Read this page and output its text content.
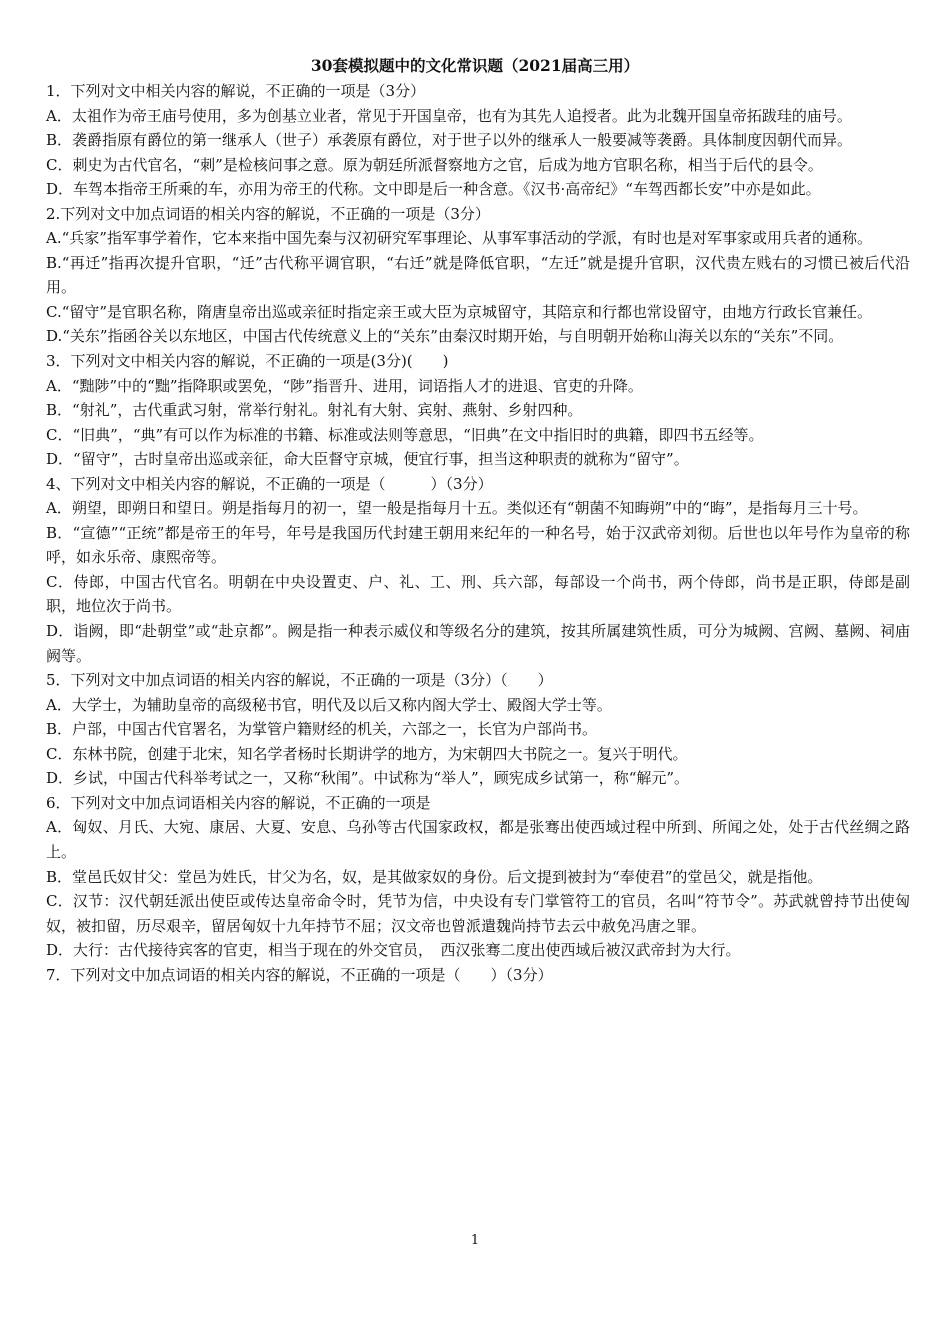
30套模拟题中的文化常识题（2021届高三用）

1．下列对文中相关内容的解说，不正确的一项是（3分）

A．太祖作为帝王庙号使用，多为创基立业者，常见于开国皇帝，也有为其先人追授者。此为北魏开国皇帝拓跋珪的庙号。

B．袭爵指原有爵位的第一继承人（世子）承袭原有爵位，对于世子以外的继承人一般要减等袭爵。具体制度因朝代而异。

C．刺史为古代官名，“刺”是检核问事之意。原为朝廷所派督察地方之官，后成为地方官职名称，相当于后代的县令。

D．车驾本指帝王所乘的车，亦用为帝王的代称。文中即是后一种含意。《汉书·高帝纪》“车驾西都长安”中亦是如此。

2.下列对文中加点词语的相关内容的解说，不正确的一项是（3分）

A.“兵家”指军事学着作，它本来指中国先秦与汉初研究军事理论、从事军事活动的学派，有时也是对军事家或用兵者的通称。

B.“再迁”指再次提升官职，“迁”古代称平调官职，“右迁”就是降低官职，“左迁”就是提升官职，汉代贵左贱右的习惯已被后代沿用。

C.“留守”是官职名称，隋唐皇帝出巡或亲征时指定亲王或大臣为京城留守，其陪京和行都也常设留守，由地方行政长官兼任。

D.“关东”指函谷关以东地区，中国古代传统意义上的“关东”由秦汉时期开始，与自明朝开始称山海关以东的“关东”不同。

3．下列对文中相关内容的解说，不正确的一项是(3分)(　　)

A．“黜陟”中的“黜”指降职或罢免，“陟”指晋升、进用，词语指人才的进退、官吏的升降。

B．“射礼”，古代重武习射，常举行射礼。射礼有大射、宾射、燕射、乡射四种。

C．“旧典”，“典”有可以作为标准的书籍、标准或法则等意思，“旧典”在文中指旧时的典籍，即四书五经等。

D．“留守”，古时皇帝出巡或亲征，命大臣督守京城，便宜行事，担当这种职责的就称为“留守”。

4、下列对文中相关内容的解说，不正确的一项是（　　　）（3分）

A．朔望，即朔日和望日。朔是指每月的初一，望一般是指每月十五。类似还有“朝菌不知晦朔”中的“晦”，是指每月三十号。

B．“宣德”“正统”都是帝王的年号，年号是我国历代封建王朝用来纪年的一种名号，始于汉武帝刘彻。后世也以年号作为皇帝的称呼，如永乐帝、康熙帝等。

C．侍郎，中国古代官名。明朝在中央设置吏、户、礼、工、刑、兵六部，每部设一个尚书，两个侍郎，尚书是正职，侍郎是副职，地位次于尚书。

D．诣阙，即“赴朝堂”或“赴京都”。阙是指一种表示威仪和等级名分的建筑，按其所属建筑性质，可分为城阙、宫阙、墓阙、祠庙阙等。

5．下列对文中加点词语的相关内容的解说，不正确的一项是（3分）（　　）

A．大学士，为辅助皇帝的高级秘书官，明代及以后又称内阁大学士、殿阁大学士等。

B．户部，中国古代官署名，为掌管户籍财经的机关，六部之一，长官为户部尚书。

C．东林书院，创建于北宋，知名学者杨时长期讲学的地方，为宋朝四大书院之一。复兴于明代。

D．乡试，中国古代科举考试之一，又称“秋闱”。中试称为“举人”，顾宪成乡试第一，称“解元”。

6．下列对文中加点词语相关内容的解说，不正确的一项是

A．匈奴、月氏、大宛、康居、大夏、安息、乌孙等古代国家政权，都是张骞出使西域过程中所到、所闻之处，处于古代丝绸之路上。

B．堂邑氏奴甘父：堂邑为姓氏，甘父为名，奴，是其做家奴的身份。后文提到被封为“奉使君”的堂邑父，就是指他。

C．汉节：汉代朝廷派出使臣或传达皇帝命令时，凭节为信，中央设有专门掌管符工的官员，名叫“符节令”。苏武就曾持节出使匈奴，被扣留，历尽艰辛，留居匈奴十九年持节不屈；汉文帝也曾派遣魏尚持节去云中赦免冯唐之罪。

D．大行：古代接待宾客的官吏，相当于现在的外交官员，　西汉张骞二度出使西域后被汉武帝封为大行。

7．下列对文中加点词语的相关内容的解说，不正确的一项是（　　）（3分）

1
